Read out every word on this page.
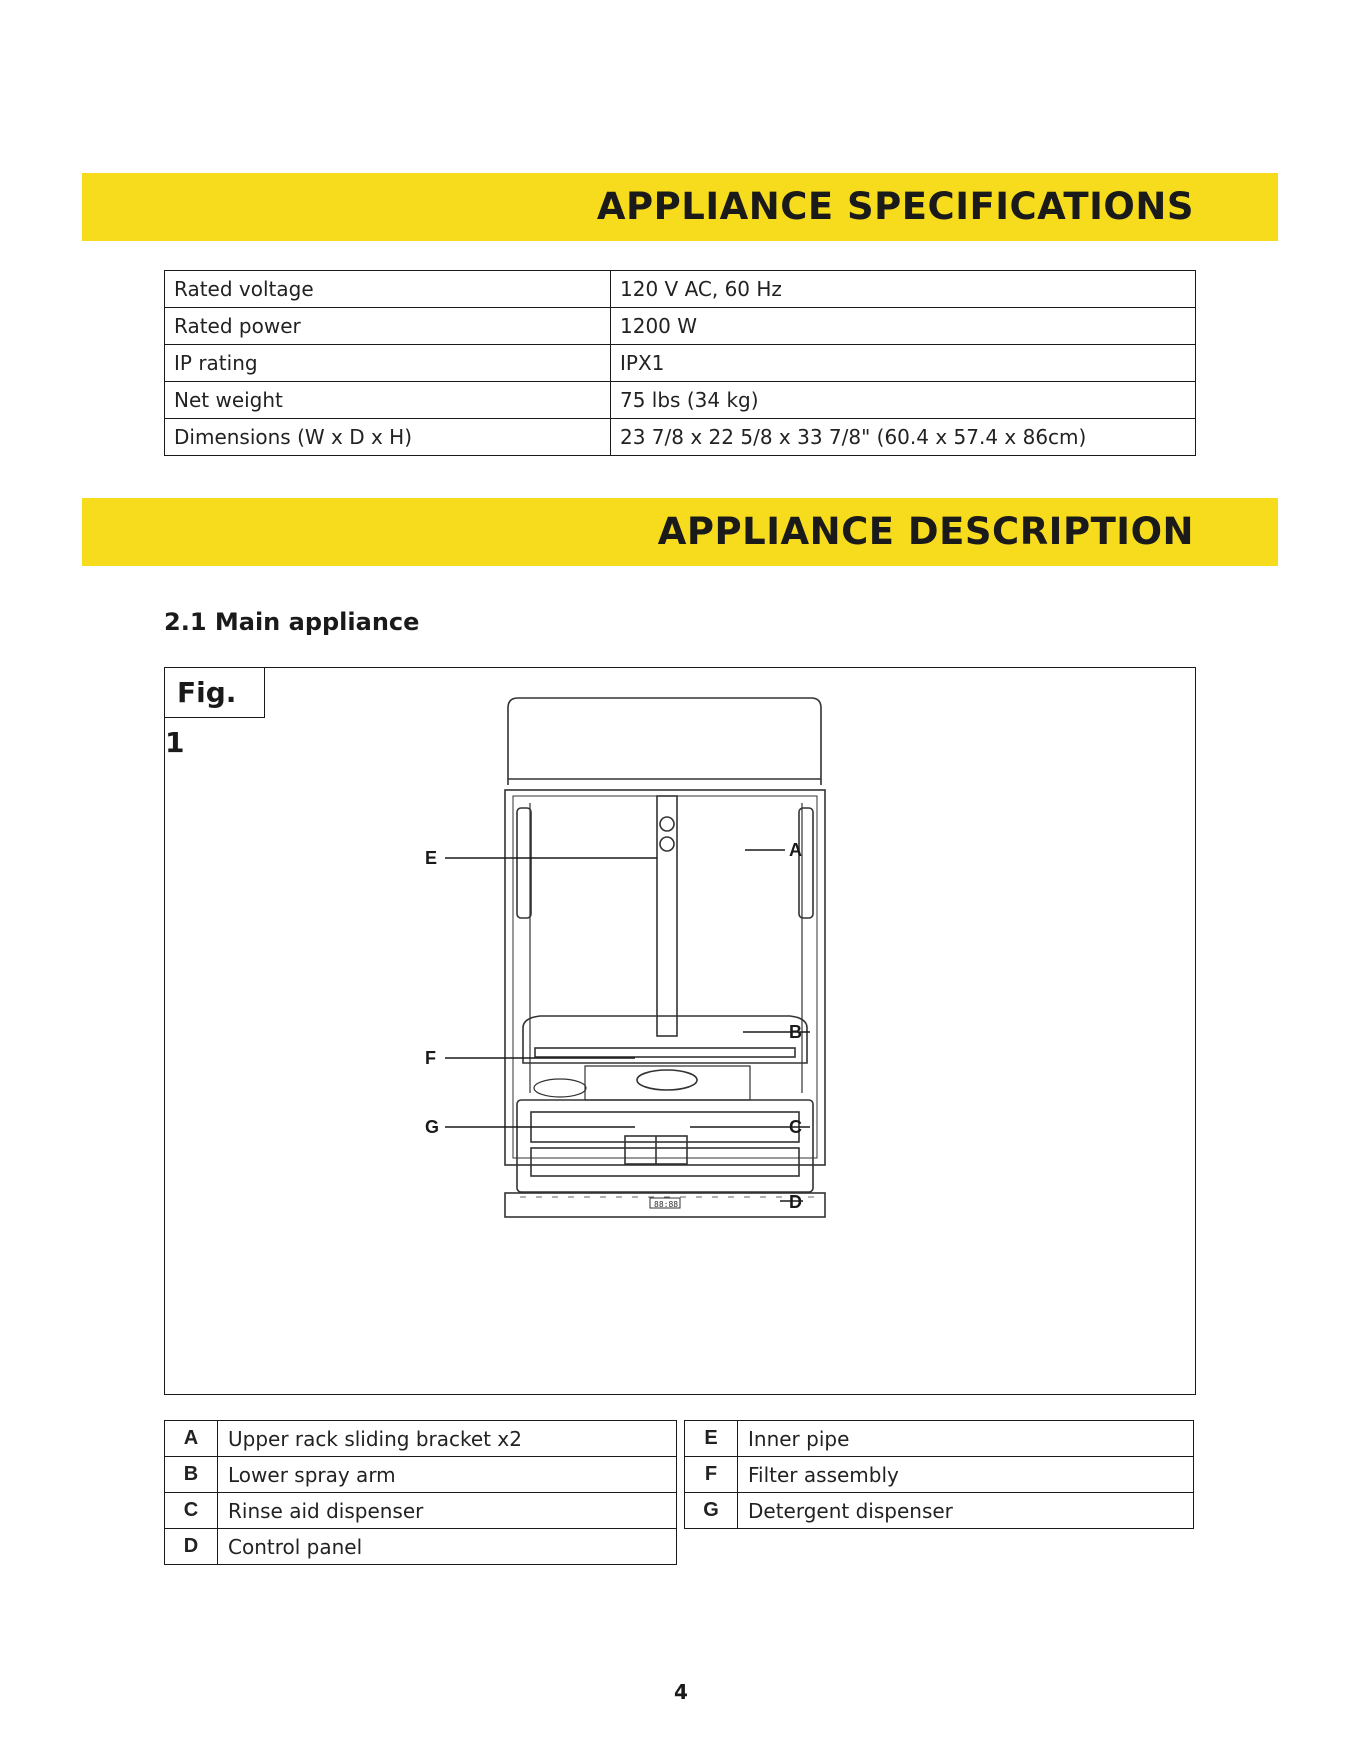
APPLIANCE SPECIFICATIONS
Rated voltage	120 V AC, 60 Hz
Rated power	1200 W
IP rating	IPX1
Net weight	75 lbs (34 kg)
Dimensions (W x D x H)	23 7/8 x 22 5/8 x 33 7/8" (60.4 x 57.4 x 86cm)
APPLIANCE DESCRIPTION
2.1 Main appliance
88:88
A
B
C
D
E
F
G
Fig. 1
A	Upper rack sliding bracket x2
B	Lower spray arm
C	Rinse aid dispenser
D	Control panel
E	Inner pipe
F	Filter assembly
G	Detergent dispenser
4
